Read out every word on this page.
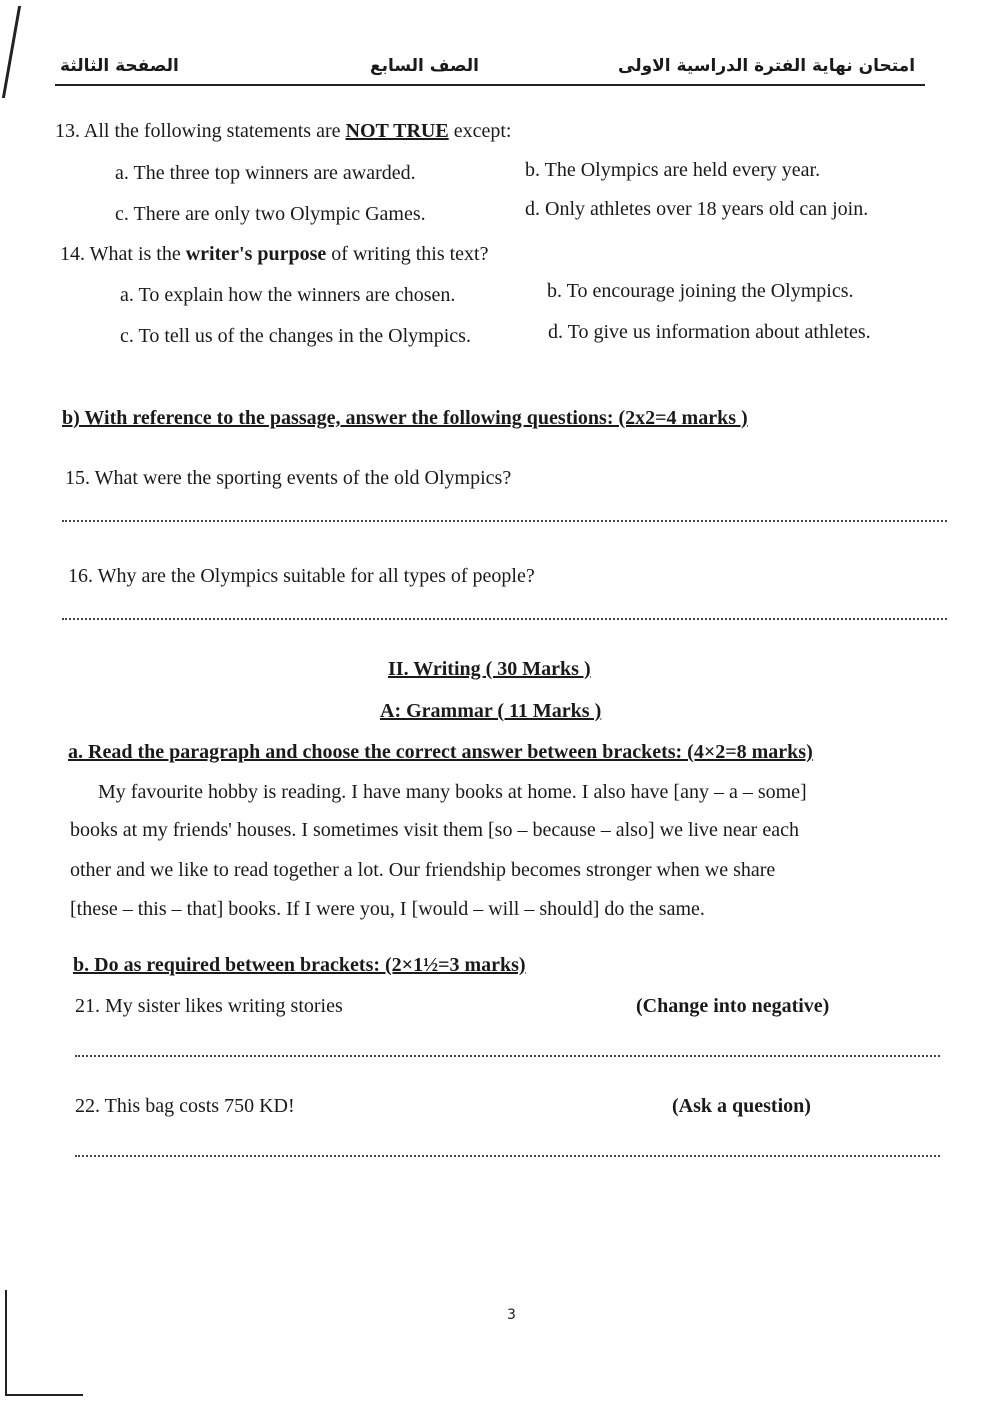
الصفحة الثالثة	الصف السابع	امتحان نهاية الفترة الدراسية الاولى
13. All the following statements are NOT TRUE except:
a. The three top winners are awarded.	b. The Olympics are held every year.
c. There are only two Olympic Games.	d. Only athletes over 18 years old can join.
14. What is the writer's purpose of writing this text?
a. To explain how the winners are chosen.	b. To encourage joining the Olympics.
c. To tell us of the changes in the Olympics.	d. To give us information about athletes.
b) With reference to the passage, answer the following questions: (2x2=4 marks )
15. What were the sporting events of the old Olympics?
16. Why are the Olympics suitable for all types of people?
II. Writing ( 30 Marks )
A: Grammar ( 11 Marks )
a. Read the paragraph and choose the correct answer between brackets: (4×2=8 marks)
My favourite hobby is reading. I have many books at home. I also have [any – a – some]
books at my friends' houses. I sometimes visit them [so – because – also] we live near each
other and we like to read together a lot. Our friendship becomes stronger when we share
[these – this – that] books. If I were you, I [would – will – should] do the same.
b. Do as required between brackets: (2×1½=3 marks)
21. My sister likes writing stories	(Change into negative)
22. This bag costs 750 KD!	(Ask a question)
3
